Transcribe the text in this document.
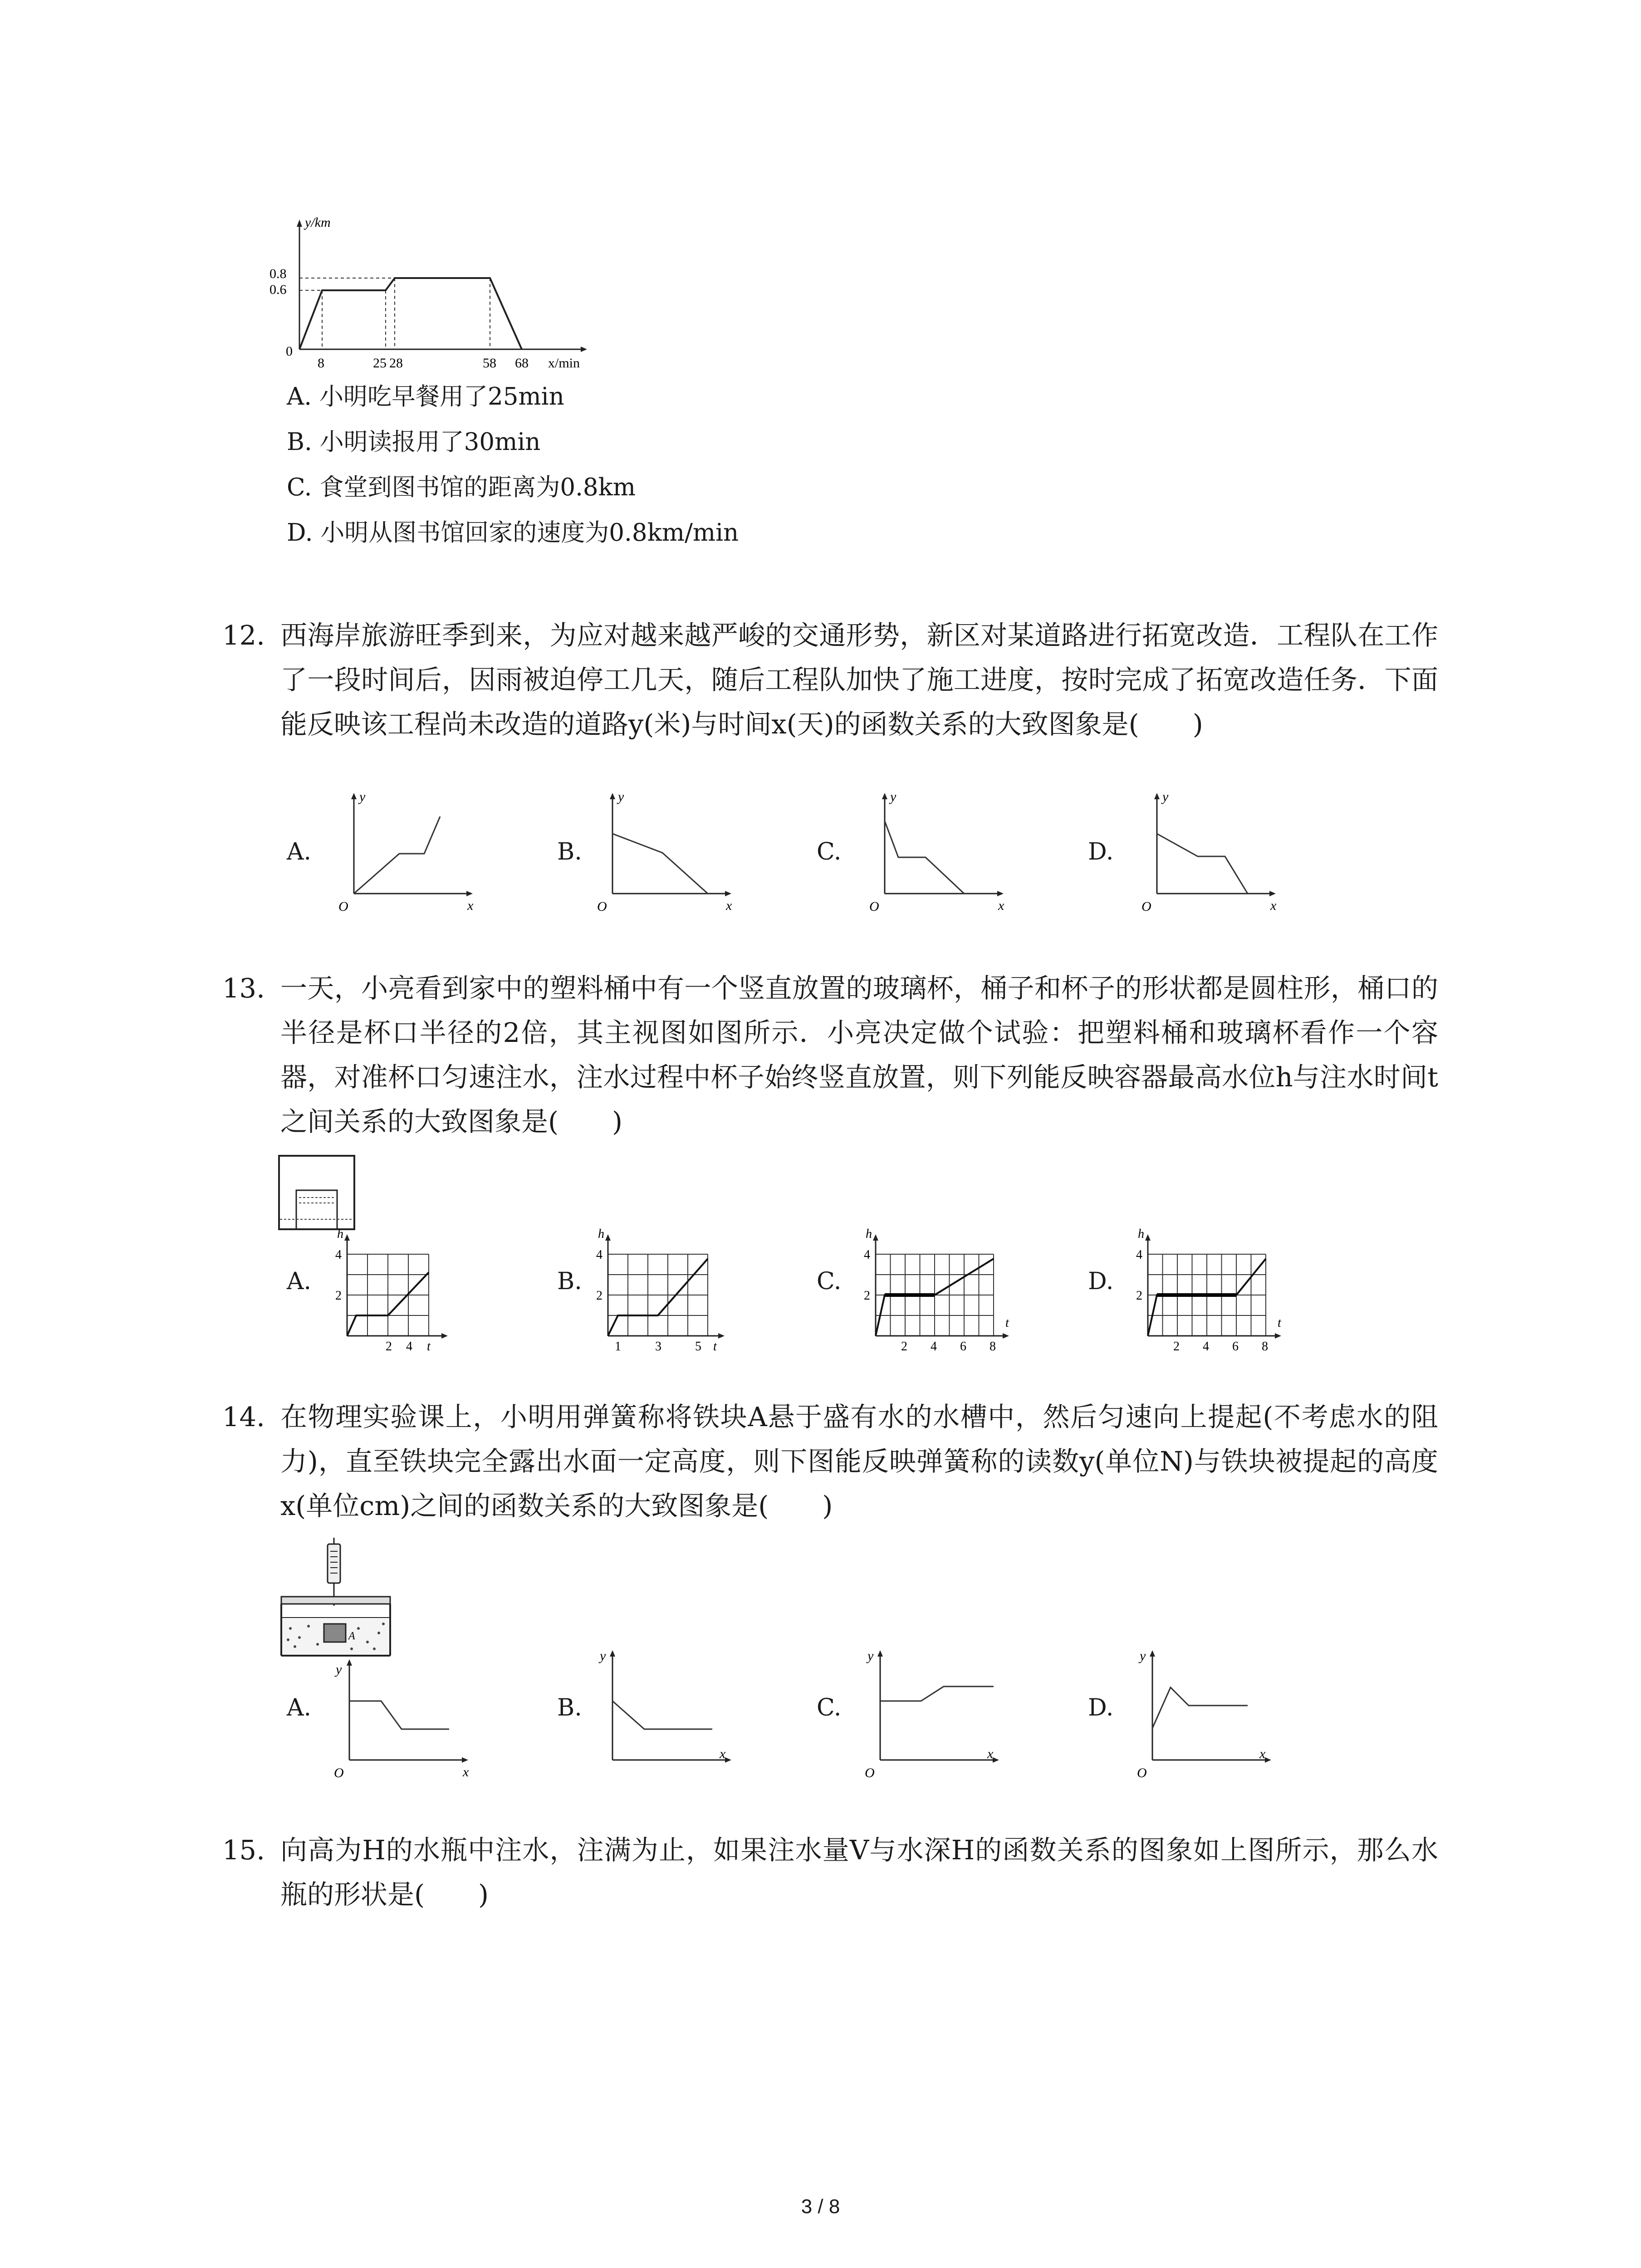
y/km
0.8
0.6
0
8	25 28	58 68 x/min
A. 小明吃早餐用了25min
B. 小明读报用了30min
C. 食堂到图书馆的距离为0.8km
D. 小明从图书馆回家的速度为0.8km/min
12. 西海岸旅游旺季到来，为应对越来越严峻的交通形势，新区对某道路进行拓宽改造．工程队在工作了一段时间后，因雨被迫停工几天，随后工程队加快了施工进度，按时完成了拓宽改造任务．下面能反映该工程尚未改造的道路y(米)与时间x(天)的函数关系的大致图象是(　　)
A.	B.	C.	D.
y
x
O
y
x
O
y
x
O
y
x
O
13. 一天，小亮看到家中的塑料桶中有一个竖直放置的玻璃杯，桶子和杯子的形状都是圆柱形，桶口的半径是杯口半径的2倍，其主视图如图所示．小亮决定做个试验：把塑料桶和玻璃杯看作一个容器，对准杯口匀速注水，注水过程中杯子始终竖直放置，则下列能反映容器最高水位h与注水时间t之间关系的大致图象是(　　)
A.	B.	C.	D.
h
4
2
2 4 t
h
4
2
1	3	5 t
h
4
2
2 4 6 8
t
h
4
2
2 4 6 8
t
14. 在物理实验课上，小明用弹簧称将铁块A悬于盛有水的水槽中，然后匀速向上提起(不考虑水的阻力)，直至铁块完全露出水面一定高度，则下图能反映弹簧称的读数y(单位N)与铁块被提起的高度x(单位cm)之间的函数关系的大致图象是(　　)
A
A.	B.	C.	D.
y
x
O
y
x
y
x
O
y
x
O
15. 向高为H的水瓶中注水，注满为止，如果注水量V与水深H的函数关系的图象如上图所示，那么水瓶的形状是(　　)
3 / 8
